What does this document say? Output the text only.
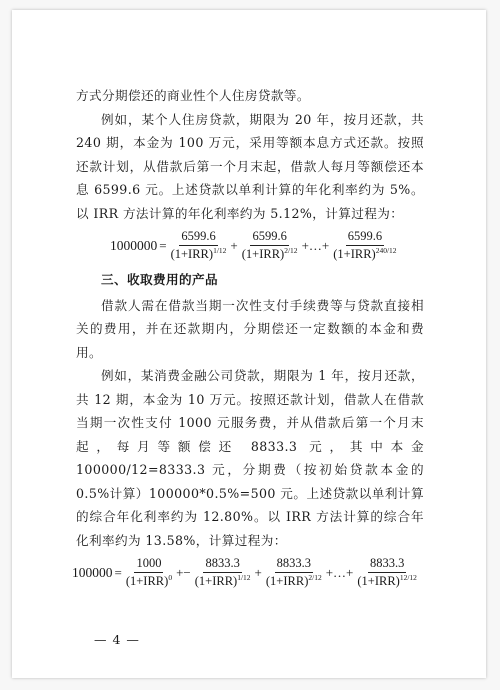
方式分期偿还的商业性个人住房贷款等。

例如，某个人住房贷款，期限为 20 年，按月还款，共 240 期，本金为 100 万元，采用等额本息方式还款。按照还款计划，从借款后第一个月末起，借款人每月等额偿还本息 6599.6 元。上述贷款以单利计算的年化利率约为 5%。以 IRR 方法计算的年化利率约为 5.12%，计算过程为：

$1000000 = \frac{6599.6}{(1+IRR)^{1/12}} + \frac{6599.6}{(1+IRR)^{2/12}}$ +…+ $\frac{6599.6}{(1+IRR)^{240/12}}$

三、收取费用的产品

借款人需在借款当期一次性支付手续费等与贷款直接相关的费用，并在还款期内，分期偿还一定数额的本金和费用。

例如，某消费金融公司贷款，期限为 1 年，按月还款，共 12 期，本金为 10 万元。按照还款计划，借款人在借款当期一次性支付 1000 元服务费，并从借款后第一个月末起，每月等额偿还 8833.3 元，其中本金 100000/12=8333.3 元，分期费（按初始贷款本金的 0.5%计算）100000*0.5%=500 元。上述贷款以单利计算的综合年化利率约为 12.80%。以 IRR 方法计算的综合年化利率约为 13.58%，计算过程为：

$100000 = \frac{1000}{(1+IRR)^0} +- \frac{8833.3}{(1+IRR)^{1/12}} + \frac{8833.3}{(1+IRR)^{2/12}}$ +…+ $\frac{8833.3}{(1+IRR)^{12/12}}$
— 4 —
